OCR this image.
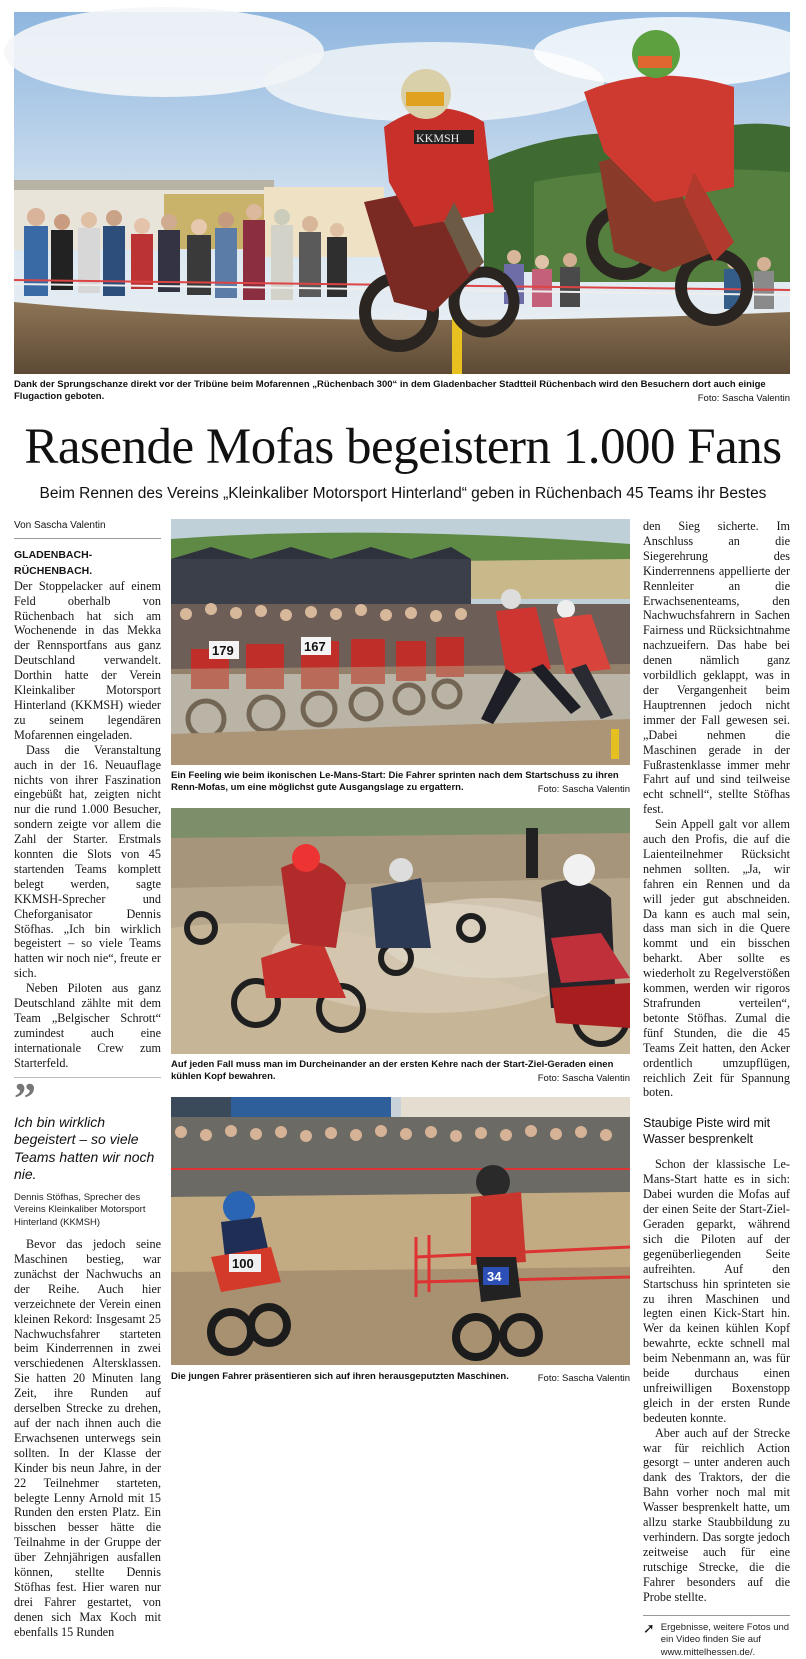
KKMSH
Dank der Sprungschanze direkt vor der Tribüne beim Mofarennen „Rüchenbach 300“ in dem Gladenbacher Stadtteil Rüchenbach wird den Besuchern dort auch einige Flugaction geboten.	Foto: Sascha Valentin
Rasende Mofas begeistern 1.000 Fans
Beim Rennen des Vereins „Kleinkaliber Motorsport Hinterland“ geben in Rüchenbach 45 Teams ihr Bestes
Von Sascha Valentin

GLADENBACH-RÜCHENBACH.

Der Stoppelacker auf einem Feld oberhalb von Rüchenbach hat sich am Wochenende in das Mekka der Rennsportfans aus ganz Deutschland verwandelt. Dorthin hatte der Verein Kleinkaliber Motorsport Hinterland (KKMSH) wieder zu seinem legendären Mofarennen eingeladen.

Dass die Veranstaltung auch in der 16. Neuauflage nichts von ihrer Faszination eingebüßt hat, zeigten nicht nur die rund 1.000 Besucher, sondern zeigte vor allem die Zahl der Starter. Erstmals konnten die Slots von 45 startenden Teams komplett belegt werden, sagte KKMSH-Sprecher und Cheforganisator Dennis Stöfhas. „Ich bin wirklich begeistert – so viele Teams hatten wir noch nie“, freute er sich.

Neben Piloten aus ganz Deutschland zählte mit dem Team „Belgischer Schrott“ zumindest auch eine internationale Crew zum Starterfeld.

”
Ich bin wirklich begeistert – so viele Teams hatten wir noch nie.
Dennis Stöfhas, Sprecher des Vereins Kleinkaliber Motorsport Hinterland (KKMSH)

Bevor das jedoch seine Maschinen bestieg, war zunächst der Nachwuchs an der Reihe. Auch hier verzeichnete der Verein einen kleinen Rekord: Insgesamt 25 Nachwuchsfahrer starteten beim Kinderrennen in zwei verschiedenen Altersklassen. Sie hatten 20 Minuten lang Zeit, ihre Runden auf derselben Strecke zu drehen, auf der nach ihnen auch die Erwachsenen unterwegs sein sollten. In der Klasse der Kinder bis neun Jahre, in der 22 Teilnehmer starteten, belegte Lenny Arnold mit 15 Runden den ersten Platz. Ein bisschen besser hätte die Teilnahme in der Gruppe der über Zehnjährigen ausfallen können, stellte Dennis Stöfhas fest. Hier waren nur drei Fahrer gestartet, von denen sich Max Koch mit ebenfalls 15 Runden

179	167
Ein Feeling wie beim ikonischen Le-Mans-Start: Die Fahrer sprinten nach dem Startschuss zu ihren Renn-Mofas, um eine möglichst gute Ausgangslage zu ergattern.	Foto: Sascha Valentin
Auf jeden Fall muss man im Durcheinander an der ersten Kehre nach der Start-Ziel-Geraden einen kühlen Kopf bewahren.	Foto: Sascha Valentin
100
34
Die jungen Fahrer präsentieren sich auf ihren herausgeputzten Maschinen.	Foto: Sascha Valentin

den Sieg sicherte. Im Anschluss an die Siegerehrung des Kinderrennens appellierte der Rennleiter an die Erwachsenenteams, den Nachwuchsfahrern in Sachen Fairness und Rücksichtnahme nachzueifern. Das habe bei denen nämlich ganz vorbildlich geklappt, was in der Vergangenheit beim Hauptrennen jedoch nicht immer der Fall gewesen sei. „Dabei nehmen die Maschinen gerade in der Fußrastenklasse immer mehr Fahrt auf und sind teilweise echt schnell“, stellte Stöfhas fest.

Sein Appell galt vor allem auch den Profis, die auf die Laienteilnehmer Rücksicht nehmen sollten. „Ja, wir fahren ein Rennen und da will jeder gut abschneiden. Da kann es auch mal sein, dass man sich in die Quere kommt und ein bisschen beharkt. Aber sollte es wiederholt zu Regelverstößen kommen, werden wir rigoros Strafrunden verteilen“, betonte Stöfhas. Zumal die fünf Stunden, die die 45 Teams Zeit hatten, den Acker ordentlich umzupflügen, reichlich Zeit für Spannung boten.

Staubige Piste wird mit Wasser besprenkelt

Schon der klassische Le-Mans-Start hatte es in sich: Dabei wurden die Mofas auf der einen Seite der Start-Ziel-Geraden geparkt, während sich die Piloten auf der gegenüberliegenden Seite aufreihten. Auf den Startschuss hin sprinteten sie zu ihren Maschinen und legten einen Kick-Start hin. Wer da keinen kühlen Kopf bewahrte, eckte schnell mal beim Nebenmann an, was für beide durchaus einen unfreiwilligen Boxenstopp gleich in der ersten Runde bedeuten konnte.

Aber auch auf der Strecke war für reichlich Action gesorgt – unter anderen auch dank des Traktors, der die Bahn vorher noch mal mit Wasser besprenkelt hatte, um allzu starke Staubbildung zu verhindern. Das sorgte jedoch zeitweise auch für eine rutschige Strecke, die die Fahrer besonders auf die Probe stellte.

➚ Ergebnisse, weitere Fotos und ein Video finden Sie auf www.mittelhessen.de/.
